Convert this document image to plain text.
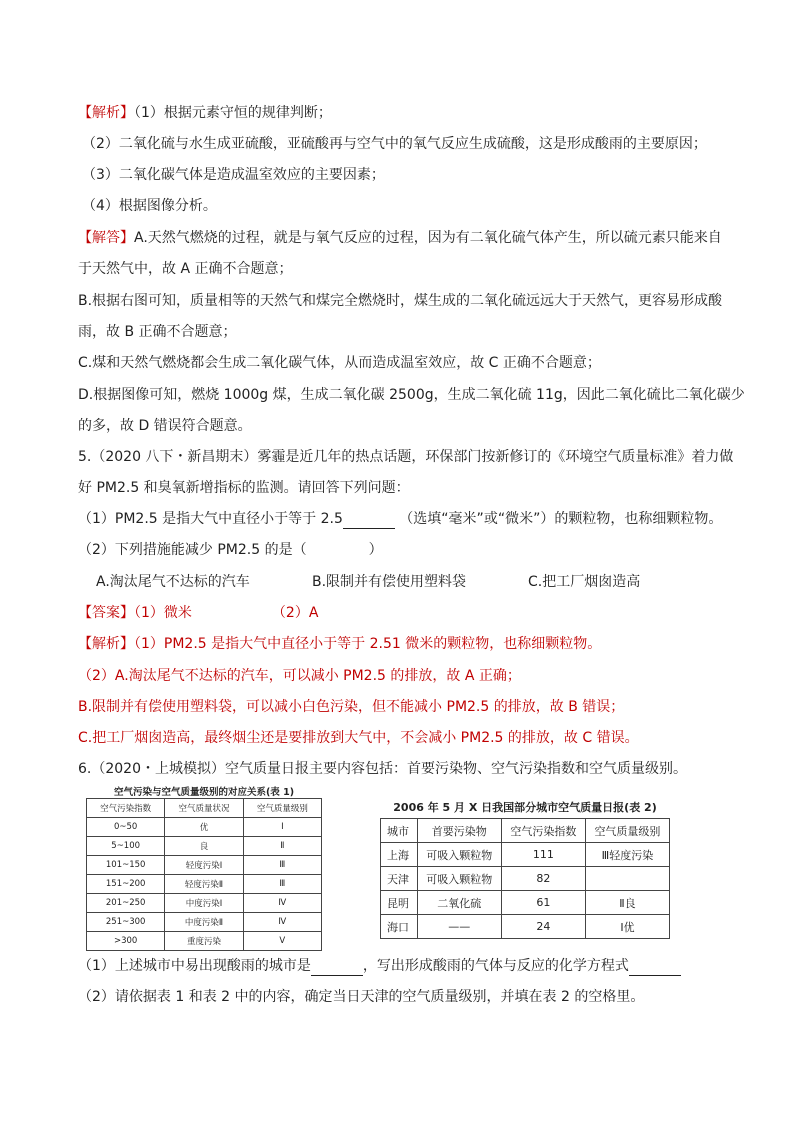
【解析】（1）根据元素守恒的规律判断；
（2）二氧化硫与水生成亚硫酸，亚硫酸再与空气中的氧气反应生成硫酸，这是形成酸雨的主要原因；
（3）二氧化碳气体是造成温室效应的主要因素；
（4）根据图像分析。
【解答】A.天然气燃烧的过程，就是与氧气反应的过程，因为有二氧化硫气体产生，所以硫元素只能来自
于天然气中，故 A 正确不合题意；
B.根据右图可知，质量相等的天然气和煤完全燃烧时，煤生成的二氧化硫远远大于天然气，更容易形成酸
雨，故 B 正确不合题意；
C.煤和天然气燃烧都会生成二氧化碳气体，从而造成温室效应，故 C 正确不合题意；
D.根据图像可知，燃烧 1000g 煤，生成二氧化碳 2500g，生成二氧化硫 11g，因此二氧化硫比二氧化碳少
的多，故 D 错误符合题意。
5.（2020 八下・新昌期末）雾霾是近几年的热点话题，环保部门按新修订的《环境空气质量标准》着力做
好 PM2.5 和臭氧新增指标的监测。请回答下列问题：
（1）PM2.5 是指大气中直径小于等于 2.5	（选填“毫米”或“微米”）的颗粒物，也称细颗粒物。
（2）下列措施能减少 PM2.5 的是（	）
A.淘汰尾气不达标的汽车	B.限制并有偿使用塑料袋	C.把工厂烟囱造高
【答案】（1）微米	（2）A
【解析】（1）PM2.5 是指大气中直径小于等于 2.51 微米的颗粒物，也称细颗粒物。
（2）A.淘汰尾气不达标的汽车，可以减小 PM2.5 的排放，故 A 正确；
B.限制并有偿使用塑料袋，可以减小白色污染，但不能减小 PM2.5 的排放，故 B 错误；
C.把工厂烟囱造高，最终烟尘还是要排放到大气中，不会减小 PM2.5 的排放，故 C 错误。
6.（2020・上城模拟）空气质量日报主要内容包括：首要污染物、空气污染指数和空气质量级别。
空气污染与空气质量级别的对应关系(表 1)
空气污染指数	空气质量状况	空气质量级别
0~50	优	Ⅰ
5~100	良	Ⅱ
101~150	轻度污染Ⅰ	Ⅲ
151~200	轻度污染Ⅱ	Ⅲ
201~250	中度污染Ⅰ	Ⅳ
251~300	中度污染Ⅱ	Ⅳ
>300	重度污染	Ⅴ
2006 年 5 月 X 日我国部分城市空气质量日报(表 2)
城市	首要污染物	空气污染指数	空气质量级别
上海	可吸入颗粒物	111	Ⅲ轻度污染
天津	可吸入颗粒物	82	
昆明	二氧化硫	61	Ⅱ良
海口	——	24	Ⅰ优
（1）上述城市中易出现酸雨的城市是	，写出形成酸雨的气体与反应的化学方程式
（2）请依据表 1 和表 2 中的内容，确定当日天津的空气质量级别，并填在表 2 的空格里。
